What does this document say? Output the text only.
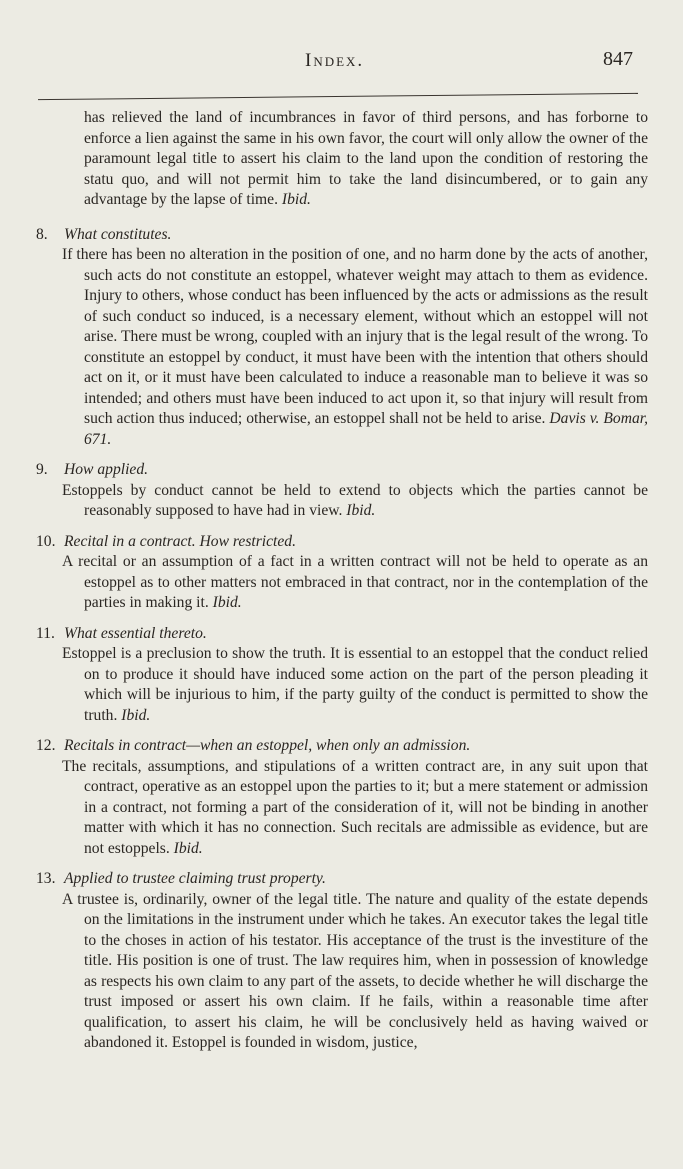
Index.	847

has relieved the land of incumbrances in favor of third persons, and has forborne to enforce a lien against the same in his own favor, the court will only allow the owner of the paramount legal title to assert his claim to the land upon the condition of restoring the statu quo, and will not permit him to take the land disincumbered, or to gain any advantage by the lapse of time. Ibid.

8.	What constitutes.

If there has been no alteration in the position of one, and no harm done by the acts of another, such acts do not constitute an estoppel, whatever weight may attach to them as evidence. Injury to others, whose conduct has been influenced by the acts or admissions as the result of such conduct so induced, is a necessary element, without which an estoppel will not arise. There must be wrong, coupled with an injury that is the legal result of the wrong. To constitute an estoppel by conduct, it must have been with the intention that others should act on it, or it must have been calculated to induce a reasonable man to believe it was so intended; and others must have been induced to act upon it, so that injury will result from such action thus induced; otherwise, an estoppel shall not be held to arise. Davis v. Bomar, 671.

9.	How applied.

Estoppels by conduct cannot be held to extend to objects which the parties cannot be reasonably supposed to have had in view. Ibid.

10. Recital in a contract. How restricted.

A recital or an assumption of a fact in a written contract will not be held to operate as an estoppel as to other matters not embraced in that contract, nor in the contemplation of the parties in making it. Ibid.

11. What essential thereto.

Estoppel is a preclusion to show the truth. It is essential to an estoppel that the conduct relied on to produce it should have induced some action on the part of the person pleading it which will be injurious to him, if the party guilty of the conduct is permitted to show the truth. Ibid.

12. Recitals in contract—when an estoppel, when only an admission.

The recitals, assumptions, and stipulations of a written contract are, in any suit upon that contract, operative as an estoppel upon the parties to it; but a mere statement or admission in a contract, not forming a part of the consideration of it, will not be binding in another matter with which it has no connection. Such recitals are admissible as evidence, but are not estoppels. Ibid.

13. Applied to trustee claiming trust property.

A trustee is, ordinarily, owner of the legal title. The nature and quality of the estate depends on the limitations in the instrument under which he takes. An executor takes the legal title to the choses in action of his testator. His acceptance of the trust is the investiture of the title. His position is one of trust. The law requires him, when in possession of knowledge as respects his own claim to any part of the assets, to decide whether he will discharge the trust imposed or assert his own claim. If he fails, within a reasonable time after qualification, to assert his claim, he will be conclusively held as having waived or abandoned it. Estoppel is founded in wisdom, justice,
